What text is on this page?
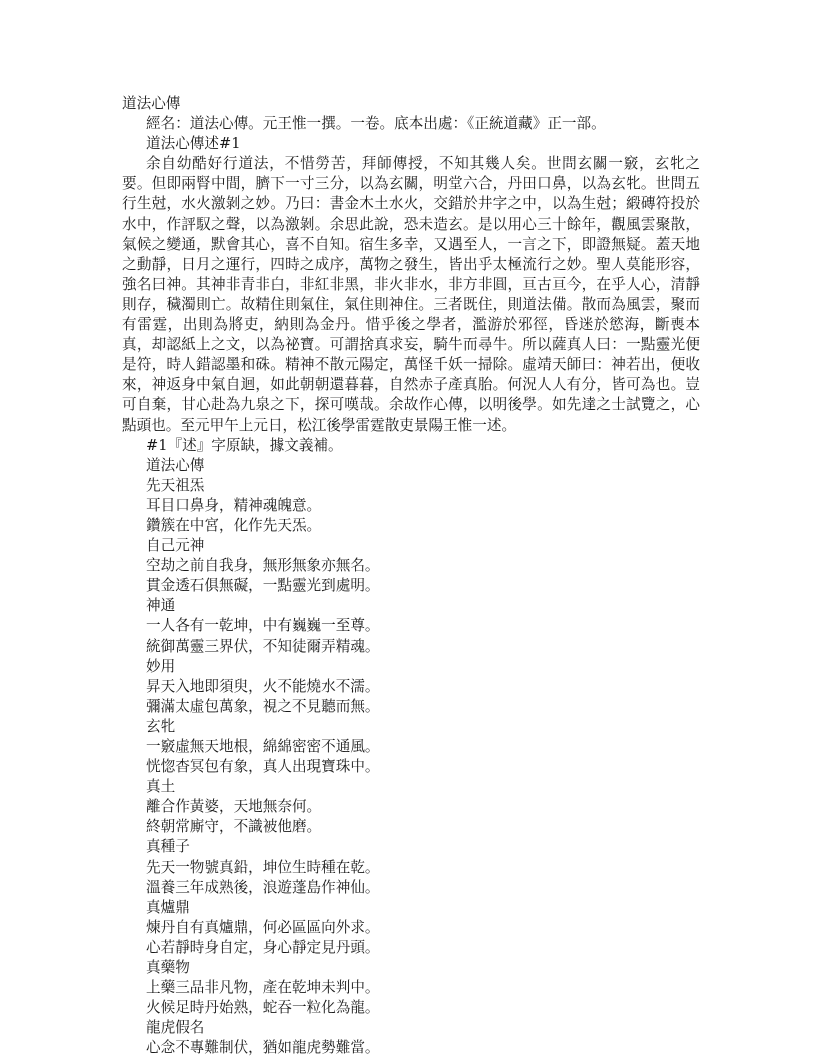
道法心傳

經名：道法心傳。元王惟一撰。一卷。底本出處：《正統道藏》正一部。

道法心傳述#1

余自幼酷好行道法，不惜勞苦，拜師傳授，不知其幾人矣。世問玄關一竅，玄牝之要。但即兩腎中間，臍下一寸三分，以為玄關，明堂六合，丹田口鼻，以為玄牝。世問五行生尅，水火激剝之妙。乃曰：書金木土水火，交錯於井字之中，以為生尅；緞磚符投於水中，作評馭之聲，以為激剝。余思此說，恐未造玄。是以用心三十餘年，觀風雲聚散，氣候之變通，默會其心，喜不自知。宿生多幸，又遇至人，一言之下，即證無疑。蓋天地之動靜，日月之運行，四時之成序，萬物之發生，皆出乎太極流行之妙。聖人莫能形容，強名曰神。其神非青非白，非紅非黑，非火非水，非方非圓，亘古亘今，在乎人心，清靜則存，穢濁則亡。故精住則氣住，氣住則神住。三者既住，則道法備。散而為風雲，聚而有雷霆，出則為將吏，納則為金丹。惜乎後之學者，濫游於邪徑，昏迷於慾海，斷喪本真，却認紙上之文，以為祕寶。可謂捨真求妄，騎牛而尋牛。所以薩真人曰：一點靈光便是符，時人錯認墨和硃。精神不散元陽定，萬怪千妖一掃除。虛靖天師曰：神若出，便收來，神返身中氣自迴，如此朝朝還暮暮，自然赤子產真胎。何況人人有分，皆可為也。豈可自棄，甘心赴為九泉之下，探可嘆哉。余故作心傳，以明後學。如先達之士試覽之，心點頭也。至元甲午上元日，松江後學雷霆散吏景陽王惟一述。

#1『述』字原缺，據文義補。

道法心傳

先天祖炁

耳目口鼻身，精神魂魄意。

鑽簇在中宮，化作先天炁。

自己元神

空劫之前自我身，無形無象亦無名。

貫金透石俱無礙，一點靈光到處明。

神通

一人各有一乾坤，中有巍巍一至尊。

統御萬靈三界伏，不知徒爾弄精魂。

妙用

昇天入地即須臾，火不能燒水不濡。

彌滿太虛包萬象，視之不見聽而無。

玄牝

一竅虛無天地根，綿綿密密不通風。

恍惚杳冥包有象，真人出現寶珠中。

真土

離合作黃婆，天地無奈何。

終朝常廝守，不識被他磨。

真種子

先天一物號真鉛，坤位生時種在乾。

溫養三年成熟後，浪遊蓬島作神仙。

真爐鼎

煉丹自有真爐鼎，何必區區向外求。

心若靜時身自定，身心靜定見丹頭。

真藥物

上藥三品非凡物，產在乾坤未判中。

火候足時丹始熟，蛇吞一粒化為龍。

龍虎假名

心念不專難制伏，猶如龍虎勢難當。
